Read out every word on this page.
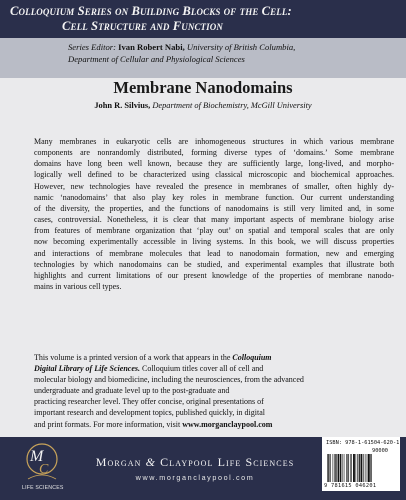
Colloquium Series on Building Blocks of the Cell:
Cell Structure and Function
Series Editor: Ivan Robert Nabi, University of British Columbia,
Department of Cellular and Physiological Sciences
Membrane Nanodomains
John R. Silvius, Department of Biochemistry, McGill University
Many membranes in eukaryotic cells are inhomogeneous structures in which various membrane
components are nonrandomly distributed, forming diverse types of ‘domains.’ Some membrane
domains have long been well known, because they are sufficiently large, long-lived, and morpho-
logically well defined to be characterized using classical microscopic and biochemical approaches.
However, new technologies have revealed the presence in membranes of smaller, often highly dy-
namic ‘nanodomains’ that also play key roles in membrane function. Our current understanding
of the diversity, the properties, and the functions of nanodomains is still very limited and, in some
cases, controversial. Nonetheless, it is clear that many important aspects of membrane biology arise
from features of membrane organization that ‘play out’ on spatial and temporal scales that are only
now becoming experimentally accessible in living systems. In this book, we will discuss properties
and interactions of membrane molecules that lead to nanodomain formation, new and emerging
technologies by which nanodomains can be studied, and experimental examples that illustrate both
highlights and current limitations of our present knowledge of the properties of membrane nanodo-
mains in various cell types.
This volume is a printed version of a work that appears in the Colloquium
Digital Library of Life Sciences. Colloquium titles cover all of cell and
molecular biology and biomedicine, including the neurosciences, from the advanced
undergraduate and graduate level up to the post-graduate and
practicing researcher level. They offer concise, original presentations of
important research and development topics, published quickly, in digital
and print formats. For more information, visit www.morganclaypool.com
M
C
LIFE SCIENCES
Morgan & Claypool Life Sciences
www.morganclaypool.com
ISBN: 978-1-61504-620-1
90000
9 781615 046201
